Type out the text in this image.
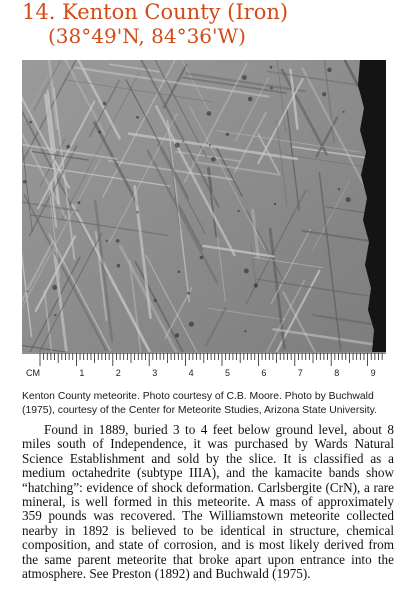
14. Kenton County (Iron)
(38°49'N, 84°36'W)
CM	1	2	3	4	5	6	7	8	9
Kenton County meteorite. Photo courtesy of C.B. Moore. Photo by Buchwald (1975), courtesy of the Center for Meteorite Studies, Arizona State University.

Found in 1889, buried 3 to 4 feet below ground level, about 8 miles south of Independence, it was purchased by Wards Natural Science Establishment and sold by the slice. It is classified as a medium octahedrite (subtype IIIA), and the kamacite bands show “hatching”: evidence of shock deformation. Carlsbergite (CrN), a rare mineral, is well formed in this meteorite. A mass of approximately 359 pounds was recovered. The Williamstown meteorite collected nearby in 1892 is believed to be identical in structure, chemical composition, and state of corrosion, and is most likely derived from the same parent meteorite that broke apart upon entrance into the atmosphere. See Preston (1892) and Buchwald (1975).
